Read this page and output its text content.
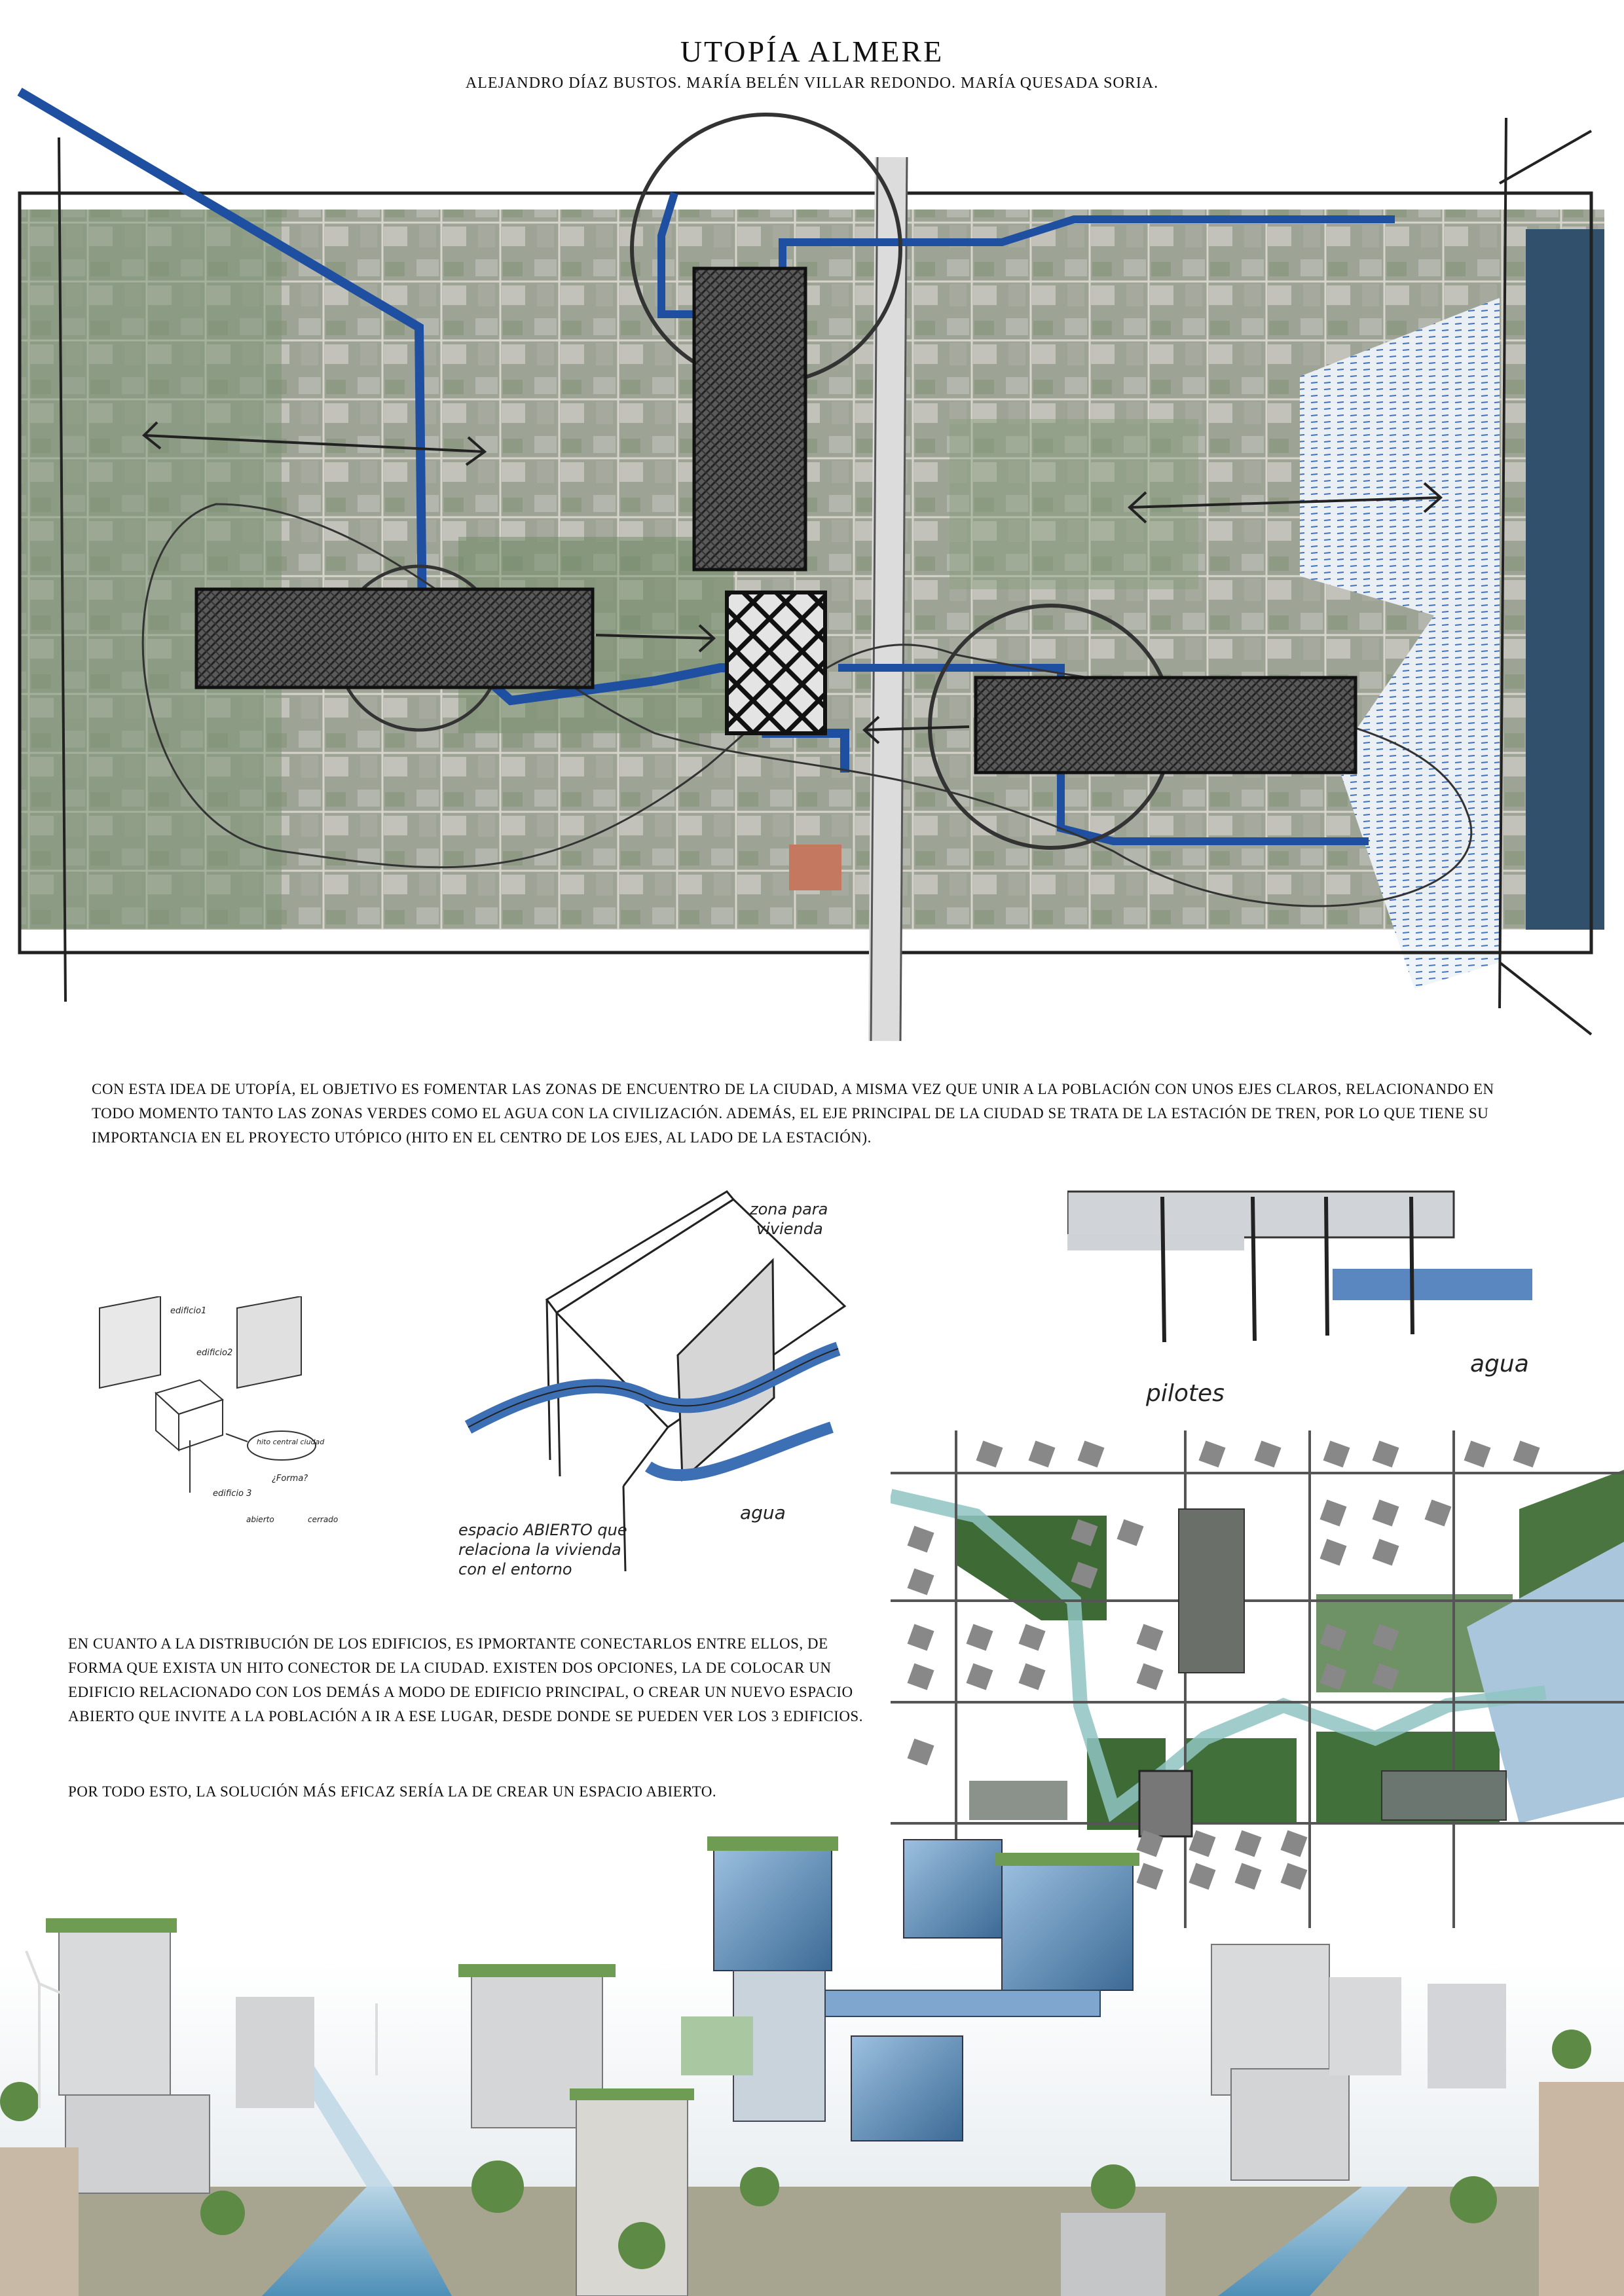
UTOPÍA ALMERE
ALEJANDRO DÍAZ BUSTOS. MARÍA BELÉN VILLAR REDONDO. MARÍA QUESADA SORIA.
CON ESTA IDEA DE UTOPÍA, EL OBJETIVO ES FOMENTAR LAS ZONAS DE ENCUENTRO DE LA CIUDAD, A MISMA VEZ QUE UNIR A LA POBLACIÓN CON UNOS EJES CLAROS, RELACIONANDO EN TODO MOMENTO TANTO LAS ZONAS VERDES COMO EL AGUA CON LA CIVILIZACIÓN. ADEMÁS, EL EJE PRINCIPAL DE LA CIUDAD SE TRATA DE LA ESTACIÓN DE TREN, POR LO QUE TIENE SU IMPORTANCIA EN EL PROYECTO UTÓPICO (HITO EN EL CENTRO DE LOS EJES, AL LADO DE LA ESTACIÓN).
edificio1
edificio2
hito central ciudad
¿Forma?
edificio 3
abierto	cerrado
zona para
vivienda
espacio ABIERTO que
relaciona la vivienda
con el entorno
agua
pilotes
agua
EN CUANTO A LA DISTRIBUCIÓN DE LOS EDIFICIOS, ES IPMORTANTE CONECTARLOS ENTRE ELLOS, DE FORMA QUE EXISTA UN HITO CONECTOR DE LA CIUDAD. EXISTEN DOS OPCIONES, LA DE COLOCAR UN EDIFICIO RELACIONADO CON LOS DEMÁS A MODO DE EDIFICIO PRINCIPAL, O CREAR UN NUEVO ESPACIO ABIERTO QUE INVITE A LA POBLACIÓN A IR A ESE LUGAR, DESDE DONDE SE PUEDEN VER LOS 3 EDIFICIOS.
POR TODO ESTO, LA SOLUCIÓN MÁS EFICAZ SERÍA LA DE CREAR UN ESPACIO ABIERTO.
